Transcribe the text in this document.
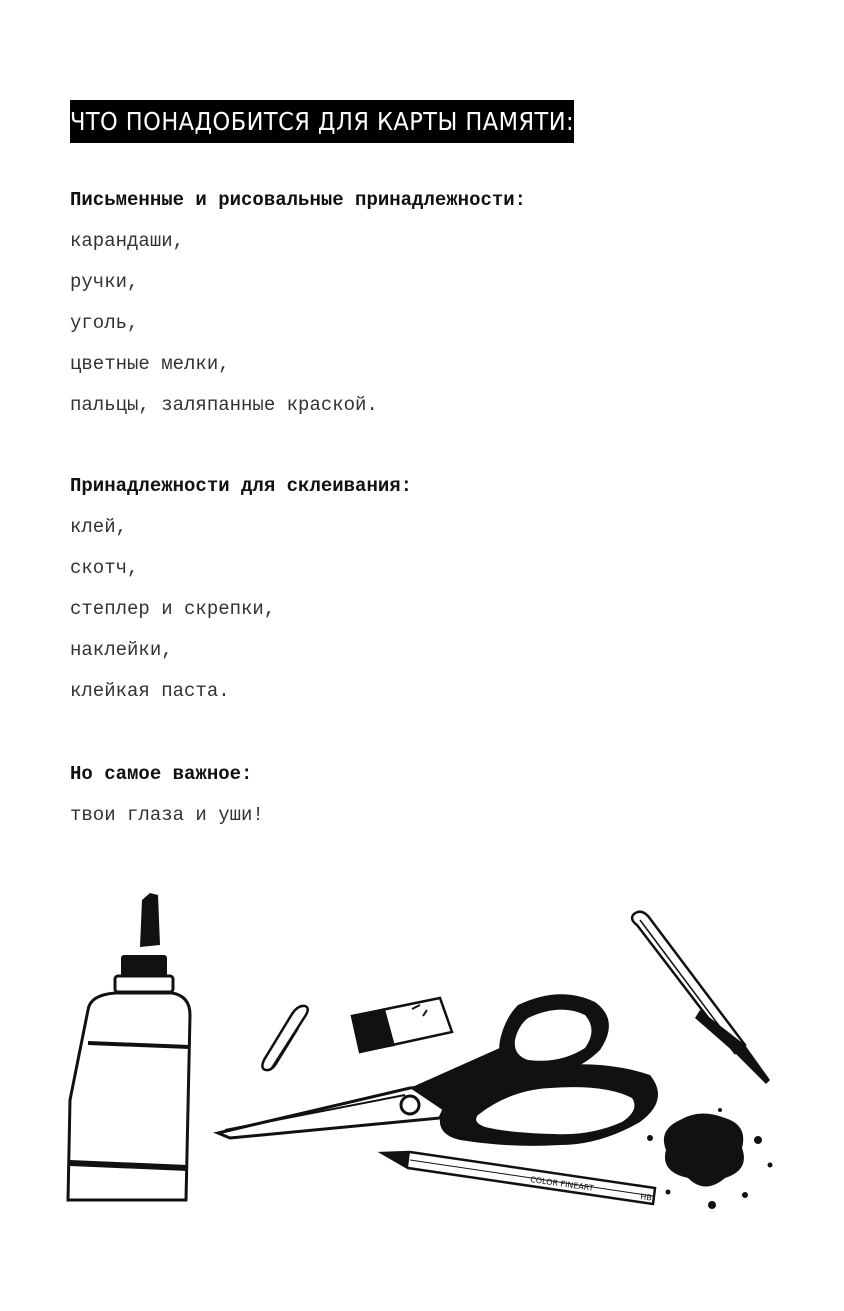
ЧТО ПОНАДОБИТСЯ ДЛЯ КАРТЫ ПАМЯТИ:
Письменные и рисовальные принадлежности:
карандаши,
ручки,
уголь,
цветные мелки,
пальцы, заляпанные краской.
Принадлежности для склеивания:
клей,
скотч,
степлер и скрепки,
наклейки,
клейкая паста.
Но самое важное:
твои глаза и уши!
COLOR FINEART
HB
